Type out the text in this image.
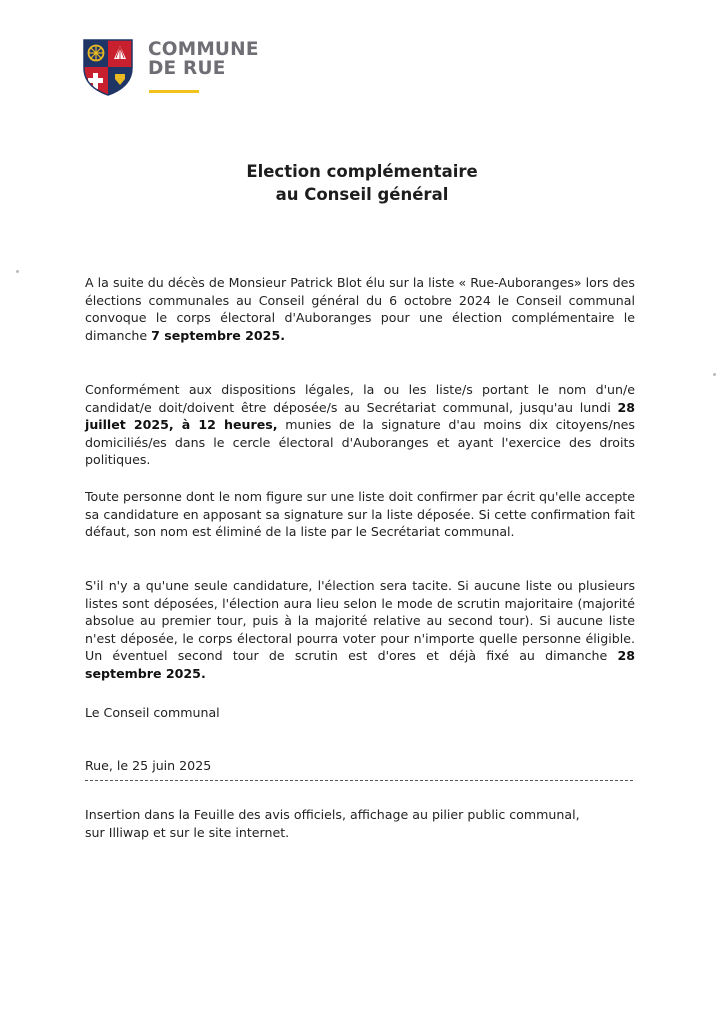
COMMUNE
DE RUE
Election complémentaire
au Conseil général
A la suite du décès de Monsieur Patrick Blot élu sur la liste « Rue-Auboranges» lors des élections communales au Conseil général du 6 octobre 2024 le Conseil communal convoque le corps électoral d'Auboranges pour une élection complémentaire le dimanche 7 septembre 2025.
Conformément aux dispositions légales, la ou les liste/s portant le nom d'un/e candidat/e doit/doivent être déposée/s au Secrétariat communal, jusqu'au lundi 28 juillet 2025, à 12 heures, munies de la signature d'au moins dix citoyens/nes domiciliés/es dans le cercle électoral d'Auboranges et ayant l'exercice des droits politiques.
Toute personne dont le nom figure sur une liste doit confirmer par écrit qu'elle accepte sa candidature en apposant sa signature sur la liste déposée. Si cette confirmation fait défaut, son nom est éliminé de la liste par le Secrétariat communal.
S'il n'y a qu'une seule candidature, l'élection sera tacite. Si aucune liste ou plusieurs listes sont déposées, l'élection aura lieu selon le mode de scrutin majoritaire (majorité absolue au premier tour, puis à la majorité relative au second tour). Si aucune liste n'est déposée, le corps électoral pourra voter pour n'importe quelle personne éligible. Un éventuel second tour de scrutin est d'ores et déjà fixé au dimanche 28 septembre 2025.
Le Conseil communal
Rue, le 25 juin 2025
Insertion dans la Feuille des avis officiels, affichage au pilier public communal, sur Illiwap et sur le site internet.
